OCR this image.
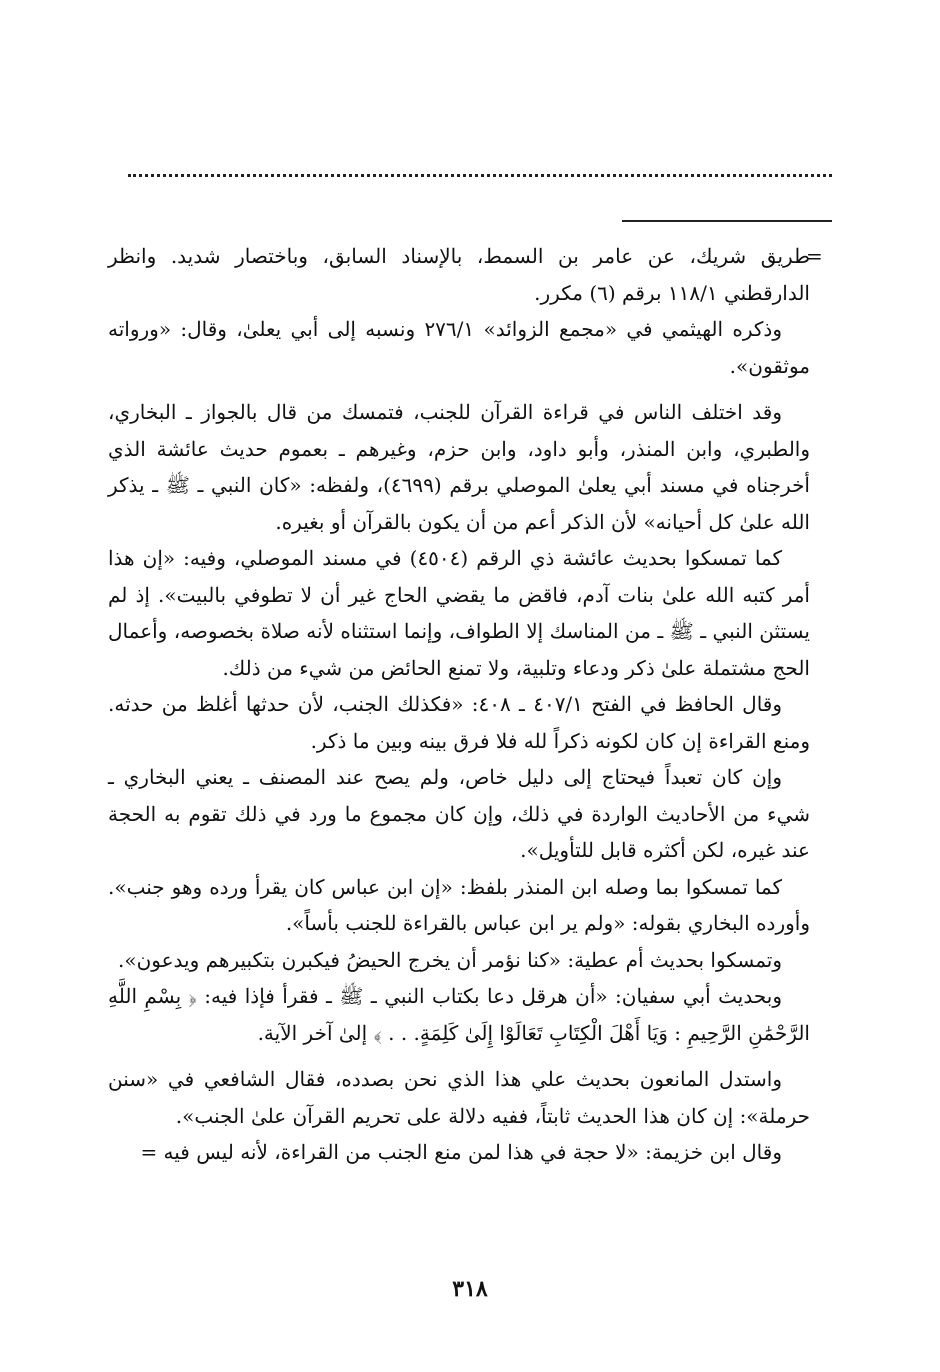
=

طريق شريك، عن عامر بن السمط، بالإسناد السابق، وباختصار شديد. وانظر الدارقطني ١١٨/١ برقم (٦) مكرر.

وذكره الهيثمي في «مجمع الزوائد» ٢٧٦/١ ونسبه إلى أبي يعلىٰ، وقال: «ورواته موثقون».

وقد اختلف الناس في قراءة القرآن للجنب، فتمسك من قال بالجواز ـ البخاري، والطبري، وابن المنذر، وأبو داود، وابن حزم، وغيرهم ـ بعموم حديث عائشة الذي أخرجناه في مسند أبي يعلىٰ الموصلي برقم (٤٦٩٩)، ولفظه: «كان النبي ـ ﷺ ـ يذكر الله علىٰ كل أحيانه» لأن الذكر أعم من أن يكون بالقرآن أو بغيره.

كما تمسكوا بحديث عائشة ذي الرقم (٤٥٠٤) في مسند الموصلي، وفيه: «إن هذا أمر كتبه الله علىٰ بنات آدم، فاقض ما يقضي الحاج غير أن لا تطوفي بالبيت». إذ لم يستثن النبي ـ ﷺ ـ من المناسك إلا الطواف، وإنما استثناه لأنه صلاة بخصوصه، وأعمال الحج مشتملة علىٰ ذكر ودعاء وتلبية، ولا تمنع الحائض من شيء من ذلك.

وقال الحافظ في الفتح ٤٠٧/١ ـ ٤٠٨: «فكذلك الجنب، لأن حدثها أغلظ من حدثه. ومنع القراءة إن كان لكونه ذكراً لله فلا فرق بينه وبين ما ذكر.

وإن كان تعبداً فيحتاج إلى دليل خاص، ولم يصح عند المصنف ـ يعني البخاري ـ شيء من الأحاديث الواردة في ذلك، وإن كان مجموع ما ورد في ذلك تقوم به الحجة عند غيره، لكن أكثره قابل للتأويل».

كما تمسكوا بما وصله ابن المنذر بلفظ: «إن ابن عباس كان يقرأ ورده وهو جنب». وأورده البخاري بقوله: «ولم ير ابن عباس بالقراءة للجنب بأساً».

وتمسكوا بحديث أم عطية: «كنا نؤمر أن يخرج الحيضُ فيكبرن بتكبيرهم ويدعون».

وبحديث أبي سفيان: «أن هرقل دعا بكتاب النبي ـ ﷺ ـ فقرأ فإذا فيه: ﴿ بِسْمِ اللَّهِ الرَّحْمَٰنِ الرَّحِيمِ : وَيَا أَهْلَ الْكِتَابِ تَعَالَوْا إِلَىٰ كَلِمَةٍ. . . ﴾ إلىٰ آخر الآية.

واستدل المانعون بحديث علي هذا الذي نحن بصدده، فقال الشافعي في «سنن حرملة»: إن كان هذا الحديث ثابتاً، ففيه دلالة على تحريم القرآن علىٰ الجنب».

وقال ابن خزيمة: «لا حجة في هذا لمن منع الجنب من القراءة، لأنه ليس فيه =

٣١٨
